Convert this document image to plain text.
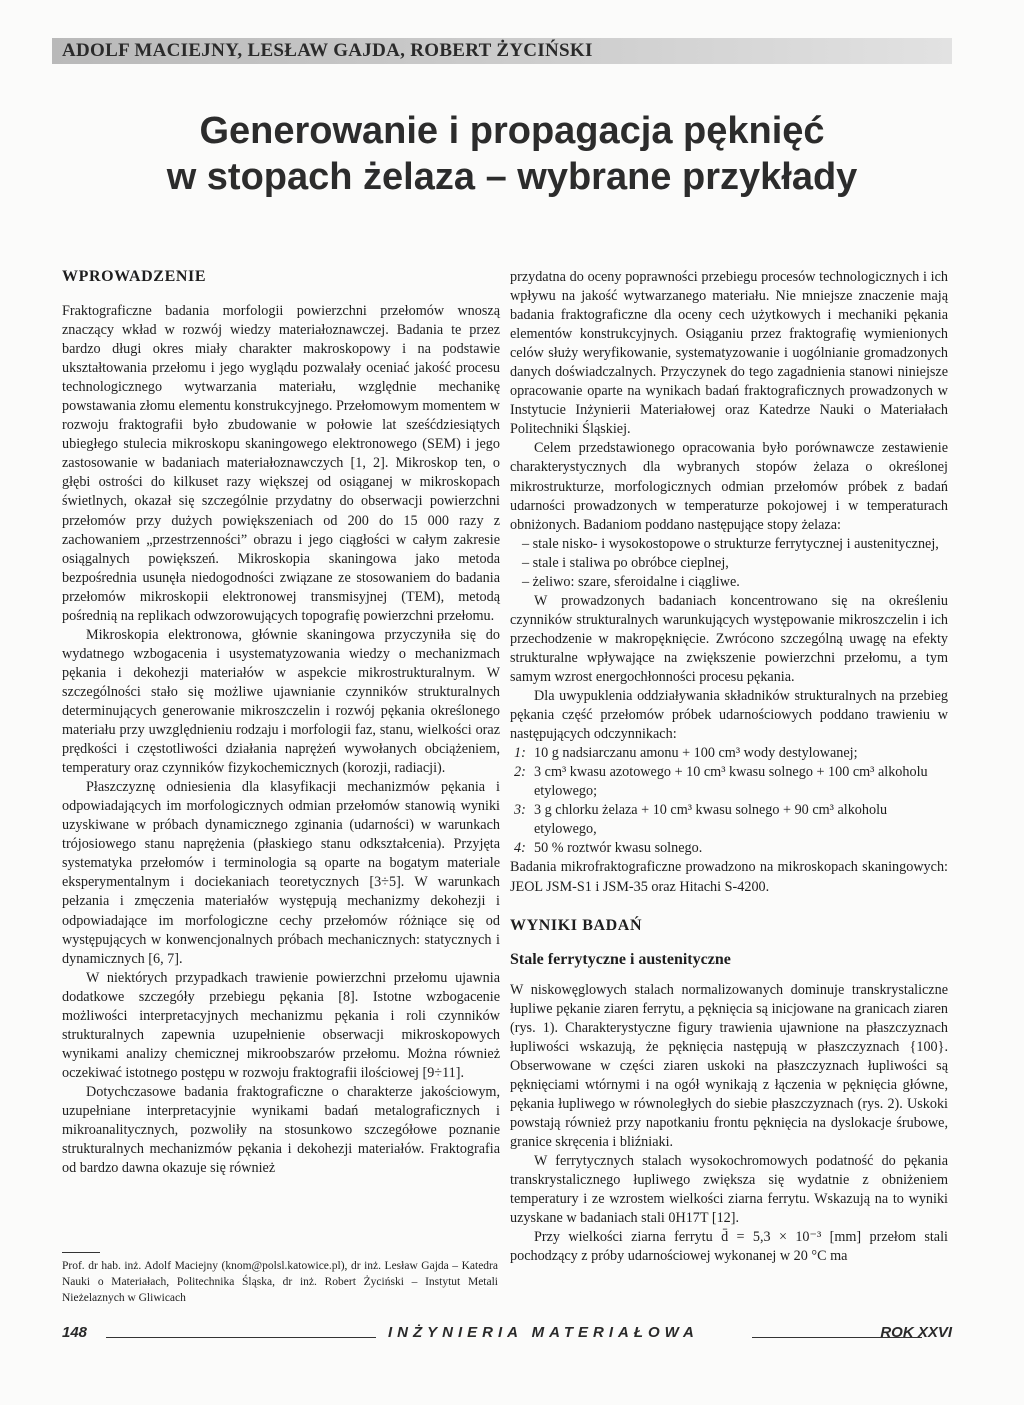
ADOLF MACIEJNY, LESŁAW GAJDA, ROBERT ŻYCIŃSKI
Generowanie i propagacja pęknięć
w stopach żelaza – wybrane przykłady
WPROWADZENIE

Fraktograficzne badania morfologii powierzchni przełomów wnoszą znaczący wkład w rozwój wiedzy materiałoznawczej. Badania te przez bardzo długi okres miały charakter makroskopowy i na podstawie ukształtowania przełomu i jego wyglądu pozwalały oceniać jakość procesu technologicznego wytwarzania materiału, względnie mechanikę powstawania złomu elementu konstrukcyjnego. Przełomowym momentem w rozwoju fraktografii było zbudowanie w połowie lat sześćdziesiątych ubiegłego stulecia mikroskopu skaningowego elektronowego (SEM) i jego zastosowanie w badaniach materiałoznawczych [1, 2]. Mikroskop ten, o głębi ostrości do kilkuset razy większej od osiąganej w mikroskopach świetlnych, okazał się szczególnie przydatny do obserwacji powierzchni przełomów przy dużych powiększeniach od 200 do 15 000 razy z zachowaniem „przestrzenności” obrazu i jego ciągłości w całym zakresie osiągalnych powiększeń. Mikroskopia skaningowa jako metoda bezpośrednia usunęła niedogodności związane ze stosowaniem do badania przełomów mikroskopii elektronowej transmisyjnej (TEM), metodą pośrednią na replikach odwzorowujących topografię powierzchni przełomu.

Mikroskopia elektronowa, głównie skaningowa przyczyniła się do wydatnego wzbogacenia i usystematyzowania wiedzy o mechanizmach pękania i dekohezji materiałów w aspekcie mikrostrukturalnym. W szczególności stało się możliwe ujawnianie czynników strukturalnych determinujących generowanie mikroszczelin i rozwój pękania określonego materiału przy uwzględnieniu rodzaju i morfologii faz, stanu, wielkości oraz prędkości i częstotliwości działania naprężeń wywołanych obciążeniem, temperatury oraz czynników fizykochemicznych (korozji, radiacji).

Płaszczyznę odniesienia dla klasyfikacji mechanizmów pękania i odpowiadających im morfologicznych odmian przełomów stanowią wyniki uzyskiwane w próbach dynamicznego zginania (udarności) w warunkach trójosiowego stanu naprężenia (płaskiego stanu odkształcenia). Przyjęta systematyka przełomów i terminologia są oparte na bogatym materiale eksperymentalnym i dociekaniach teoretycznych [3÷5]. W warunkach pełzania i zmęczenia materiałów występują mechanizmy dekohezji i odpowiadające im morfologiczne cechy przełomów różniące się od występujących w konwencjonalnych próbach mechanicznych: statycznych i dynamicznych [6, 7].

W niektórych przypadkach trawienie powierzchni przełomu ujawnia dodatkowe szczegóły przebiegu pękania [8]. Istotne wzbogacenie możliwości interpretacyjnych mechanizmu pękania i roli czynników strukturalnych zapewnia uzupełnienie obserwacji mikroskopowych wynikami analizy chemicznej mikroobszarów przełomu. Można również oczekiwać istotnego postępu w rozwoju fraktografii ilościowej [9÷11].

Dotychczasowe badania fraktograficzne o charakterze jakościowym, uzupełniane interpretacyjnie wynikami badań metalograficznych i mikroanalitycznych, pozwoliły na stosunkowo szczegółowe poznanie strukturalnych mechanizmów pękania i dekohezji materiałów. Fraktografia od bardzo dawna okazuje się również

Prof. dr hab. inż. Adolf Maciejny (knom@polsl.katowice.pl), dr inż. Lesław Gajda – Katedra Nauki o Materiałach, Politechnika Śląska, dr inż. Robert Życiński – Instytut Metali Nieżelaznych w Gliwicach

przydatna do oceny poprawności przebiegu procesów technologicznych i ich wpływu na jakość wytwarzanego materiału. Nie mniejsze znaczenie mają badania fraktograficzne dla oceny cech użytkowych i mechaniki pękania elementów konstrukcyjnych. Osiąganiu przez fraktografię wymienionych celów służy weryfikowanie, systematyzowanie i uogólnianie gromadzonych danych doświadczalnych. Przyczynek do tego zagadnienia stanowi niniejsze opracowanie oparte na wynikach badań fraktograficznych prowadzonych w Instytucie Inżynierii Materiałowej oraz Katedrze Nauki o Materiałach Politechniki Śląskiej.

Celem przedstawionego opracowania było porównawcze zestawienie charakterystycznych dla wybranych stopów żelaza o określonej mikrostrukturze, morfologicznych odmian przełomów próbek z badań udarności prowadzonych w temperaturze pokojowej i w temperaturach obniżonych. Badaniom poddano następujące stopy żelaza:

– stale nisko- i wysokostopowe o strukturze ferrytycznej i austenitycznej,
– stale i staliwa po obróbce cieplnej,
– żeliwo: szare, sferoidalne i ciągliwe.

W prowadzonych badaniach koncentrowano się na określeniu czynników strukturalnych warunkujących występowanie mikroszczelin i ich przechodzenie w makropęknięcie. Zwrócono szczególną uwagę na efekty strukturalne wpływające na zwiększenie powierzchni przełomu, a tym samym wzrost energochłonności procesu pękania.

Dla uwypuklenia oddziaływania składników strukturalnych na przebieg pękania część przełomów próbek udarnościowych poddano trawieniu w następujących odczynnikach:

1: 10 g nadsiarczanu amonu + 100 cm³ wody destylowanej;
2: 3 cm³ kwasu azotowego + 10 cm³ kwasu solnego + 100 cm³ alkoholu etylowego;
3: 3 g chlorku żelaza + 10 cm³ kwasu solnego + 90 cm³ alkoholu etylowego,
4: 50 % roztwór kwasu solnego.

Badania mikrofraktograficzne prowadzono na mikroskopach skaningowych: JEOL JSM-S1 i JSM-35 oraz Hitachi S-4200.

WYNIKI BADAŃ
Stale ferrytyczne i austenityczne

W niskowęglowych stalach normalizowanych dominuje transkrystaliczne łupliwe pękanie ziaren ferrytu, a pęknięcia są inicjowane na granicach ziaren (rys. 1). Charakterystyczne figury trawienia ujawnione na płaszczyznach łupliwości wskazują, że pęknięcia następują w płaszczyznach {100}. Obserwowane w części ziaren uskoki na płaszczyznach łupliwości są pęknięciami wtórnymi i na ogół wynikają z łączenia w pęknięcia główne, pękania łupliwego w równoległych do siebie płaszczyznach (rys. 2). Uskoki powstają również przy napotkaniu frontu pęknięcia na dyslokacje śrubowe, granice skręcenia i bliźniaki.

W ferrytycznych stalach wysokochromowych podatność do pękania transkrystalicznego łupliwego zwiększa się wydatnie z obniżeniem temperatury i ze wzrostem wielkości ziarna ferrytu. Wskazują na to wyniki uzyskane w badaniach stali 0H17T [12].

Przy wielkości ziarna ferrytu d̄ = 5,3 × 10⁻³ [mm] przełom stali pochodzący z próby udarnościowej wykonanej w 20 °C ma

148	INŻYNIERIA MATERIAŁOWA	ROK XXVI
